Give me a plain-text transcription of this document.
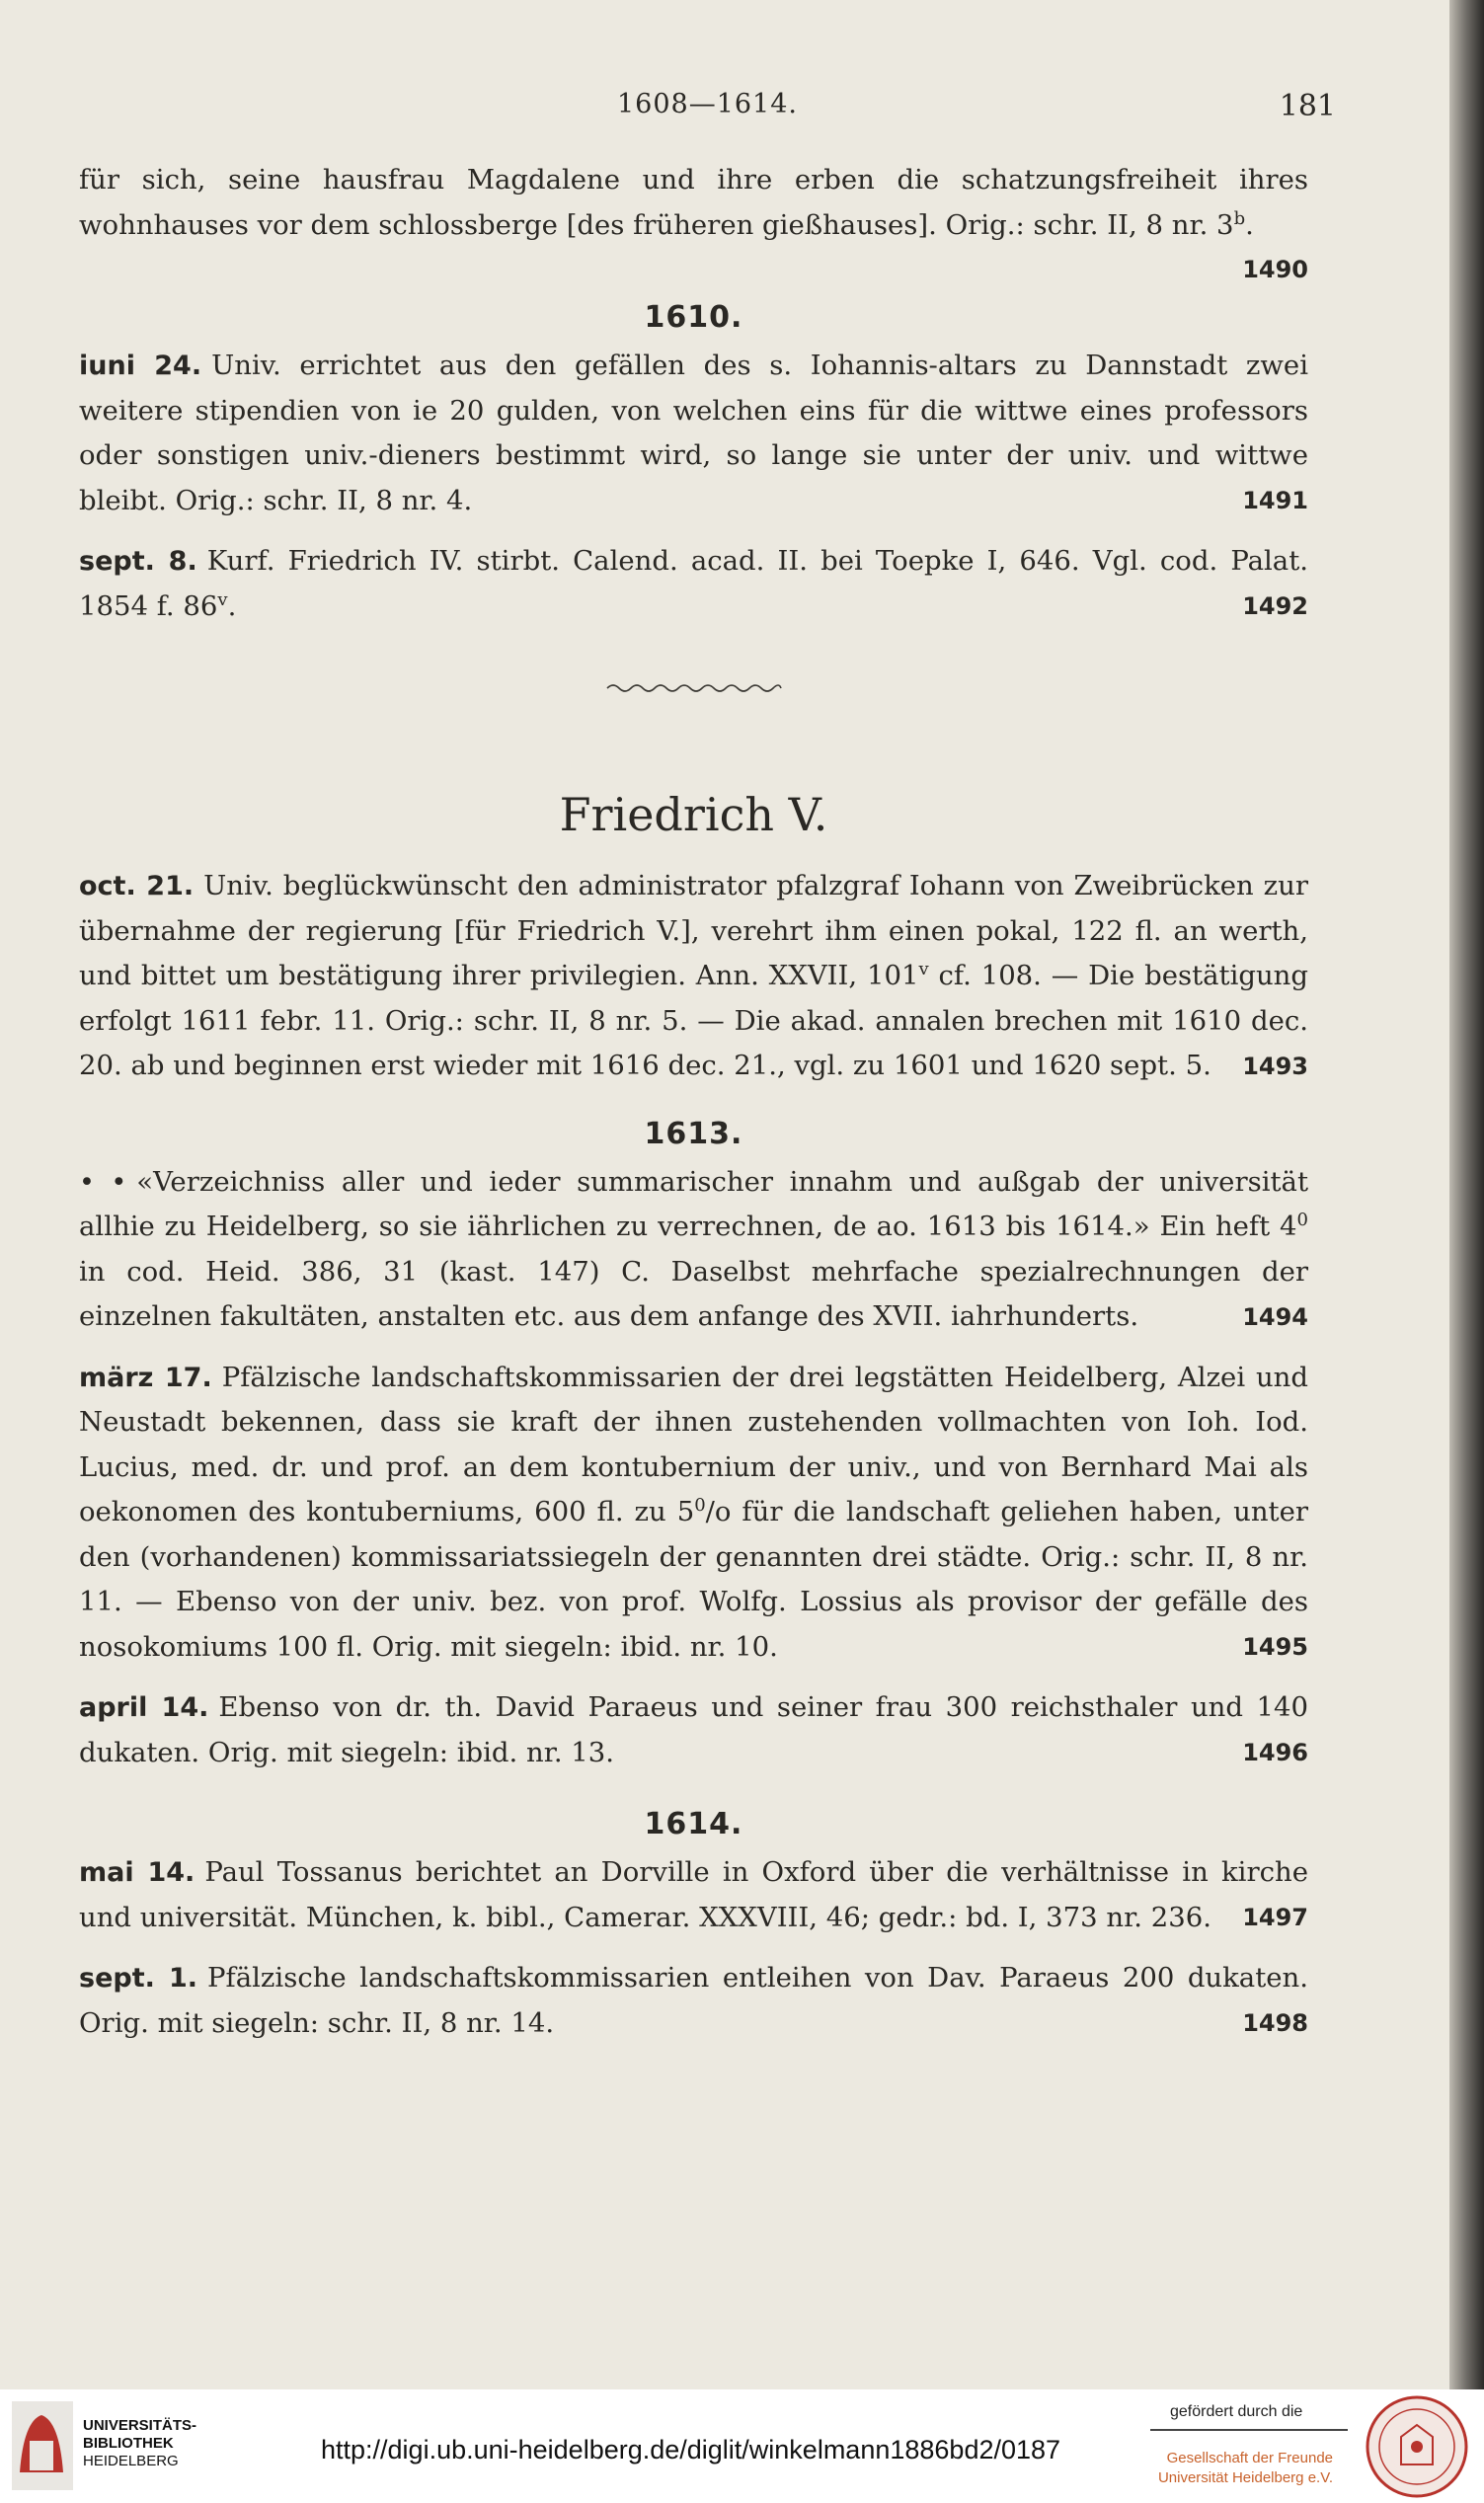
1608—1614.	181

für sich, seine hausfrau Magdalene und ihre erben die schatzungsfreiheit ihres wohnhauses vor dem schlossberge [des früheren gießhauses]. Orig.: schr. II, 8 nr. 3$^b$.
1490

1610.

iuni 24. Univ. errichtet aus den gefällen des s. Iohannis-altars zu Dannstadt zwei weitere stipendien von ie 20 gulden, von welchen eins für die wittwe eines professors oder sonstigen univ.-dieners bestimmt wird, so lange sie unter der univ. und wittwe bleibt. Orig.: schr. II, 8 nr. 4.	1491

sept. 8. Kurf. Friedrich IV. stirbt. Calend. acad. II. bei Toepke I, 646. Vgl. cod. Palat. 1854 f. 86$^v$.	1492

Friedrich V.

oct. 21. Univ. beglückwünscht den administrator pfalzgraf Iohann von Zweibrücken zur übernahme der regierung [für Friedrich V.], verehrt ihm einen pokal, 122 fl. an werth, und bittet um bestätigung ihrer privilegien. Ann. XXVII, 101$^v$ cf. 108. — Die bestätigung erfolgt 1611 febr. 11. Orig.: schr. II, 8 nr. 5. — Die akad. annalen brechen mit 1610 dec. 20. ab und beginnen erst wieder mit 1616 dec. 21., vgl. zu 1601 und 1620 sept. 5. 1493

1613.

• • «Verzeichniss aller und ieder summarischer innahm und außgab der universität allhie zu Heidelberg, so sie iährlichen zu verrechnen, de ao. 1613 bis 1614.» Ein heft $4^0$ in cod. Heid. 386, 31 (kast. 147) C. Daselbst mehrfache spezialrechnungen der einzelnen fakultäten, anstalten etc. aus dem anfange des XVII. iahrhunderts.	1494

märz 17. Pfälzische landschaftskommissarien der drei legstätten Heidelberg, Alzei und Neustadt bekennen, dass sie kraft der ihnen zustehenden vollmachten von Ioh. Iod. Lucius, med. dr. und prof. an dem kontubernium der univ., und von Bernhard Mai als oekonomen des kontuberniums, 600 fl. zu $5^0/o$ für die landschaft geliehen haben, unter den (vorhandenen) kommissariatssiegeln der genannten drei städte. Orig.: schr. II, 8 nr. 11. — Ebenso von der univ. bez. von prof. Wolfg. Lossius als provisor der gefälle des nosokomiums 100 fl. Orig. mit siegeln: ibid. nr. 10.	1495

april 14. Ebenso von dr. th. David Paraeus und seiner frau 300 reichsthaler und 140 dukaten. Orig. mit siegeln: ibid. nr. 13.	1496

1614.

mai 14. Paul Tossanus berichtet an Dorville in Oxford über die verhältnisse in kirche und universität. München, k. bibl., Camerar. XXXVIII, 46; gedr.: bd. I, 373 nr. 236. 1497

sept. 1. Pfälzische landschaftskommissarien entleihen von Dav. Paraeus 200 dukaten. Orig. mit siegeln: schr. II, 8 nr. 14.	1498

UNIVERSITÄTS-
BIBLIOTHEK
HEIDELBERG	http://digi.ub.uni-heidelberg.de/diglit/winkelmann1886bd2/0187
gefördert durch die
Gesellschaft der Freunde
Universität Heidelberg e.V.
